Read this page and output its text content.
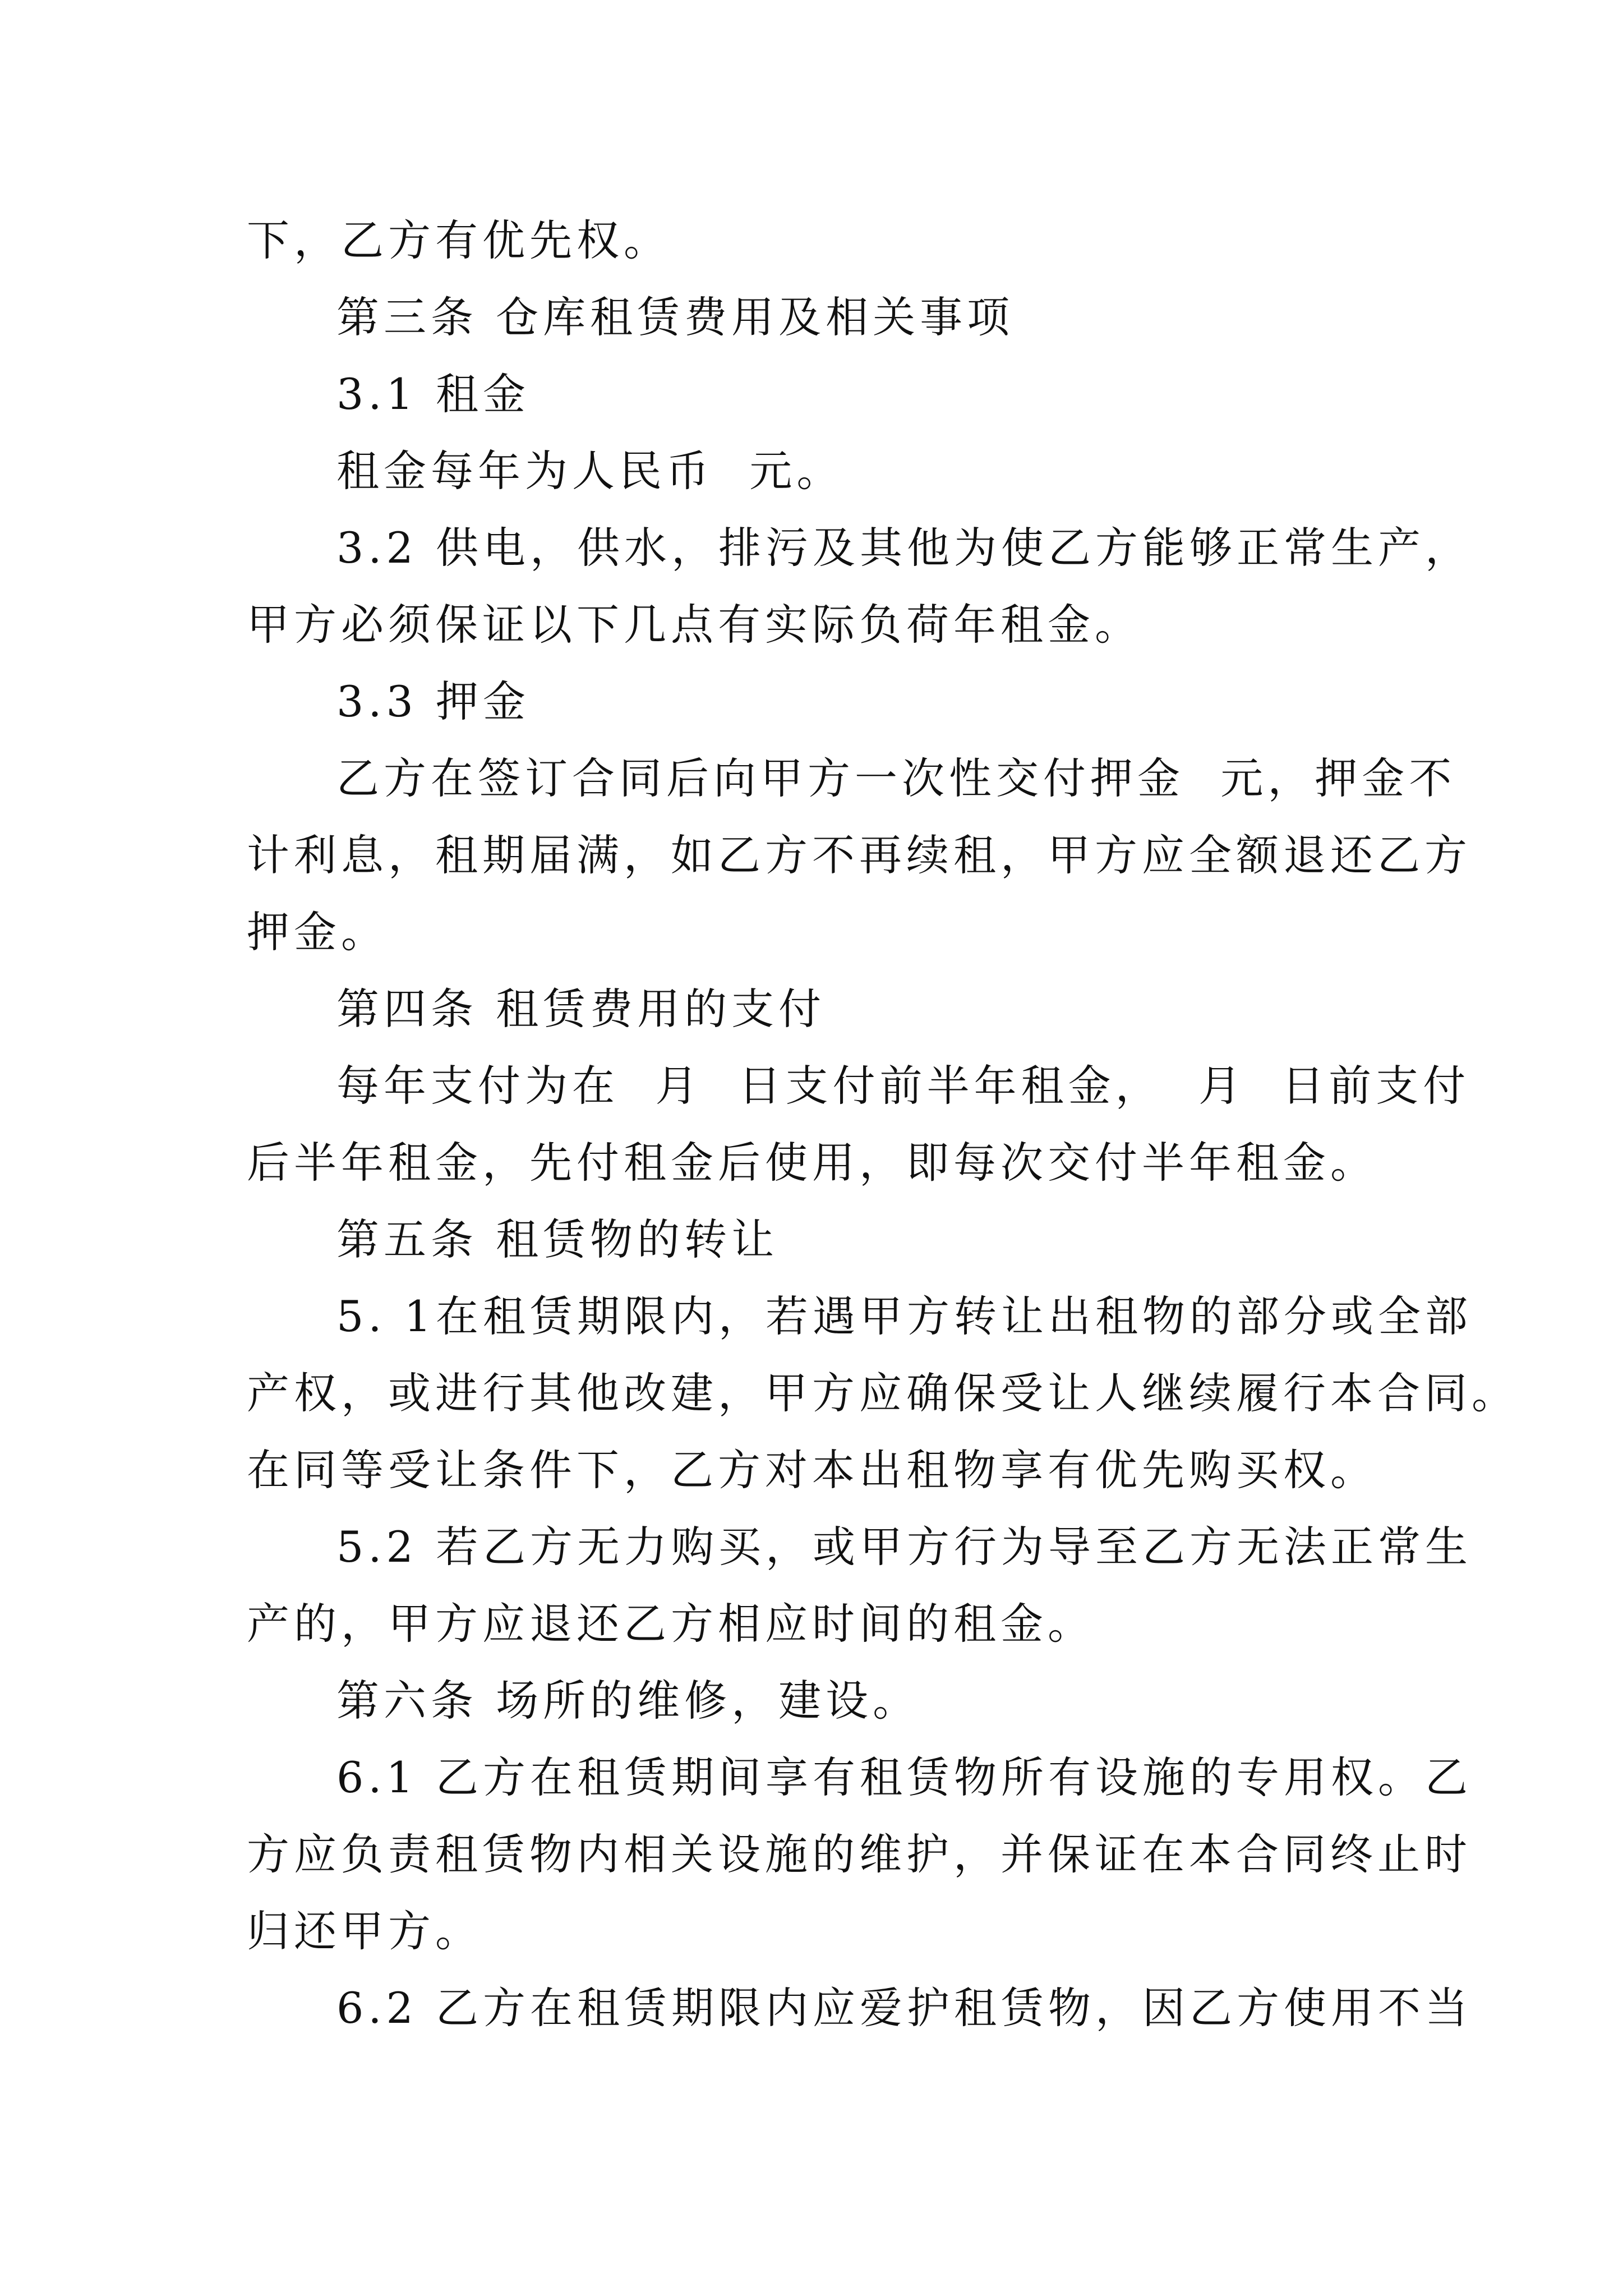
下，乙方有优先权。
第三条 仓库租赁费用及相关事项
3.1 租金
租金每年为人民币  元。
3.2 供电，供水，排污及其他为使乙方能够正常生产，
甲方必须保证以下几点有实际负荷年租金。
3.3 押金
乙方在签订合同后向甲方一次性交付押金  元，押金不
计利息，租期届满，如乙方不再续租，甲方应全额退还乙方
押金。
第四条 租赁费用的支付
每年支付为在  月  日支付前半年租金，  月  日前支付
后半年租金，先付租金后使用，即每次交付半年租金。
第五条 租赁物的转让
5. 1在租赁期限内，若遇甲方转让出租物的部分或全部
产权，或进行其他改建，甲方应确保受让人继续履行本合同。
在同等受让条件下，乙方对本出租物享有优先购买权。
5.2 若乙方无力购买，或甲方行为导至乙方无法正常生
产的，甲方应退还乙方相应时间的租金。
第六条 场所的维修，建设。
6.1 乙方在租赁期间享有租赁物所有设施的专用权。乙
方应负责租赁物内相关设施的维护，并保证在本合同终止时
归还甲方。
6.2 乙方在租赁期限内应爱护租赁物，因乙方使用不当
